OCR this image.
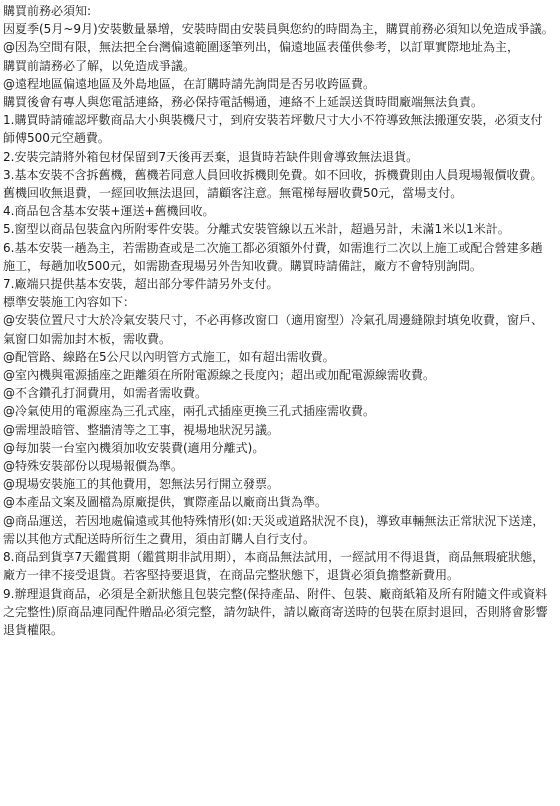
購買前務必須知:

因夏季(5月~9月)安裝數量暴增，安裝時間由安裝員與您約的時間為主，購買前務必須知以免造成爭議。

@因為空間有限，無法把全台灣偏遠範圍逐筆列出，偏遠地區表僅供參考，以訂單實際地址為主，

購買前請務必了解，以免造成爭議。

@遠程地區偏遠地區及外島地區，在訂購時請先詢問是否另收跨區費。

購買後會有專人與您電話連絡，務必保持電話暢通，連絡不上延誤送貨時間廠端無法負責。

1.購買時請確認坪數商品大小與裝機尺寸，到府安裝若坪數尺寸大小不符導致無法搬運安裝，必須支付師傅500元空趟費。

2.安裝完請將外箱包材保留到7天後再丟棄，退貨時若缺件則會導致無法退貨。

3.基本安裝不含拆舊機，舊機若同意人員回收拆機則免費。如不回收，拆機費則由人員現場報價收費。舊機回收無退費，一經回收無法退回，請顧客注意。無電梯每層收費50元，當場支付。

4.商品包含基本安裝+運送+舊機回收。

5.窗型以商品包裝盒內所附零件安裝。分離式安裝管線以五米計，超過另計，未滿1米以1米計。

6.基本安裝一趟為主，若需勘查或是二次施工都必須額外付費，如需進行二次以上施工或配合營建多趟施工，每趟加收500元，如需勘查現場另外告知收費。購買時請備註，廠方不會特別詢問。

7.廠端只提供基本安裝，超出部分零件請另外支付。

標準安裝施工內容如下：

@安裝位置尺寸大於冷氣安裝尺寸，不必再修改窗口（適用窗型）冷氣孔周邊縫隙封填免收費，窗戶、氣窗口如需加封木板，需收費。

@配管路、線路在5公尺以內明管方式施工，如有超出需收費。

@室內機與電源插座之距離須在所附電源線之長度內；超出或加配電源線需收費。

@不含鑽孔打洞費用，如需者需收費。

@冷氣使用的電源座為三孔式座，兩孔式插座更換三孔式插座需收費。

@需埋設暗管、整牆清等之工事，視場地狀況另議。

@每加裝一台室內機須加收安裝費(適用分離式)。

@特殊安裝部份以現場報價為準。

@現場安裝施工的其他費用，恕無法另行開立發票。

@本產品文案及圖檔為原廠提供，實際產品以廠商出貨為準。

@商品運送，若因地處偏遠或其他特殊情形(如:天災或道路狀況不良)，導致車輛無法正常狀況下送達，需以其他方式配送時所衍生之費用，須由訂購人自行支付。

8.商品到貨享7天鑑賞期（鑑賞期非試用期），本商品無法試用，一經試用不得退貨，商品無瑕疵狀態，廠方一律不接受退貨。若客堅持要退貨，在商品完整狀態下，退貨必須負擔整新費用。

9.辦理退貨商品，必須是全新狀態且包裝完整(保持產品、附件、包裝、廠商紙箱及所有附隨文件或資料之完整性)原商品連同配件贈品必須完整，請勿缺件，請以廠商寄送時的包裝在原封退回，否則將會影響退貨權限。
